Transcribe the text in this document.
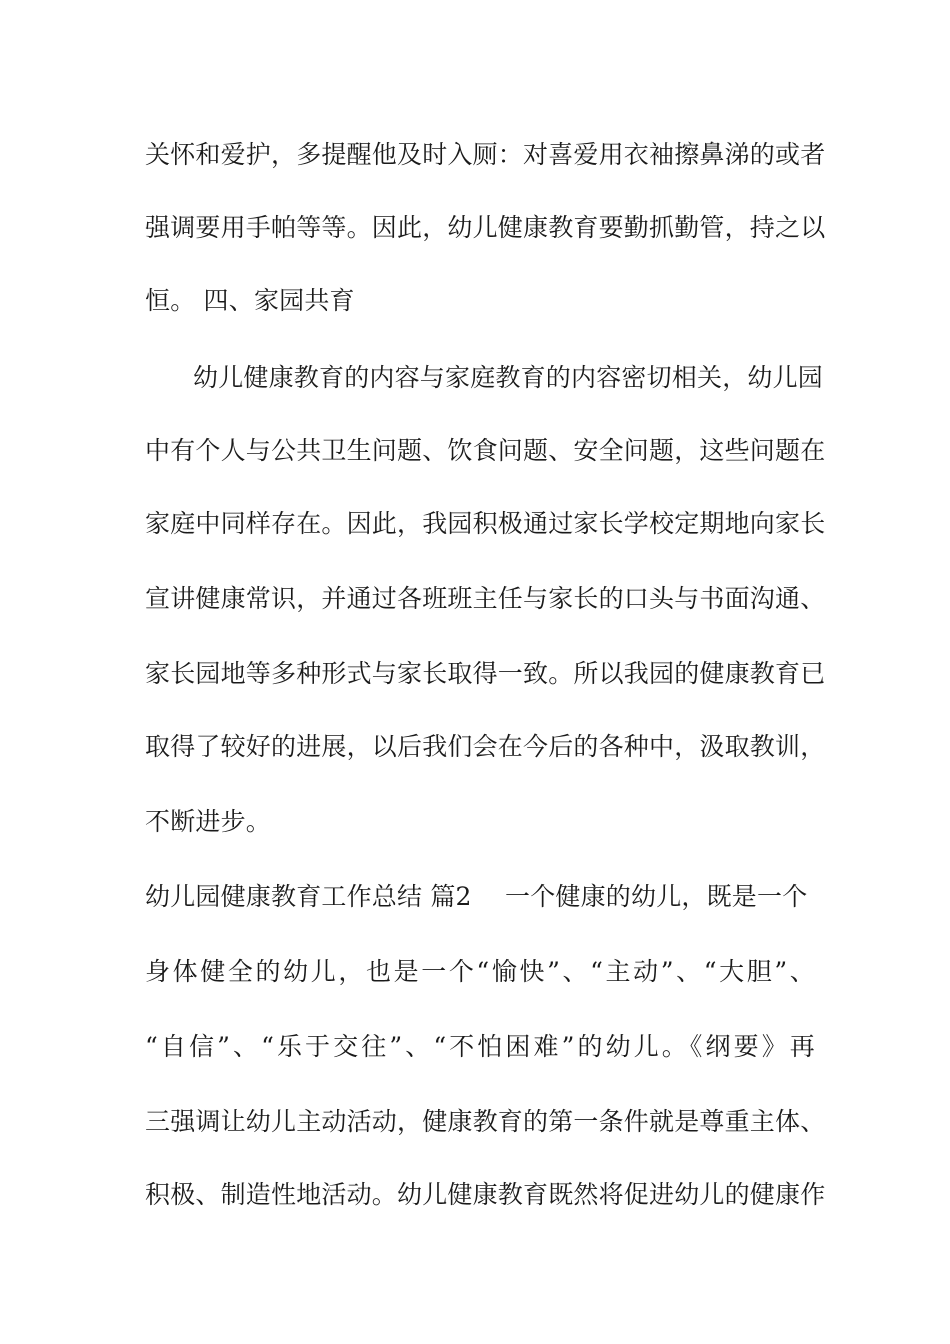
关怀和爱护，多提醒他及时入厕：对喜爱用衣袖擦鼻涕的或者
强调要用手帕等等。因此，幼儿健康教育要勤抓勤管，持之以
恒。 四、家园共育
幼儿健康教育的内容与家庭教育的内容密切相关，幼儿园
中有个人与公共卫生问题、饮食问题、安全问题，这些问题在
家庭中同样存在。因此，我园积极通过家长学校定期地向家长
宣讲健康常识，并通过各班班主任与家长的口头与书面沟通、
家长园地等多种形式与家长取得一致。所以我园的健康教育已
取得了较好的进展，以后我们会在今后的各种中，汲取教训，
不断进步。
幼儿园健康教育工作总结 篇2 　一个健康的幼儿，既是一个
身体健全的幼儿，也是一个“愉快”、“主动”、“大胆”、
“自信”、“乐于交往”、“不怕困难”的幼儿。《纲要》再
三强调让幼儿主动活动，健康教育的第一条件就是尊重主体、
积极、制造性地活动。幼儿健康教育既然将促进幼儿的健康作
